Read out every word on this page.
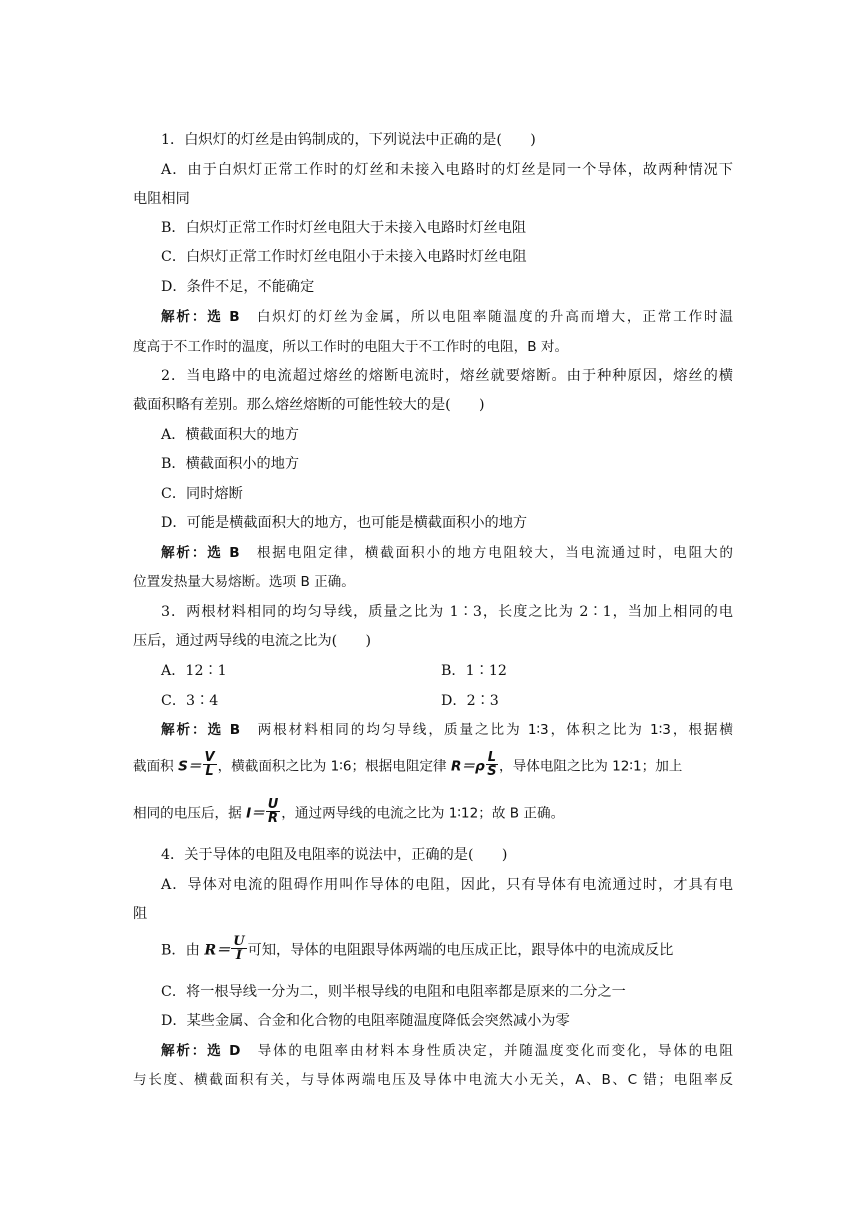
1．白炽灯的灯丝是由钨制成的，下列说法中正确的是(　　)
A．由于白炽灯正常工作时的灯丝和未接入电路时的灯丝是同一个导体，故两种情况下
电阻相同
B．白炽灯正常工作时灯丝电阻大于未接入电路时灯丝电阻
C．白炽灯正常工作时灯丝电阻小于未接入电路时灯丝电阻
D．条件不足，不能确定
解析：选 B　白炽灯的灯丝为金属，所以电阻率随温度的升高而增大，正常工作时温
度高于不工作时的温度，所以工作时的电阻大于不工作时的电阻，B 对。
2．当电路中的电流超过熔丝的熔断电流时，熔丝就要熔断。由于种种原因，熔丝的横
截面积略有差别。那么熔丝熔断的可能性较大的是(　　)
A．横截面积大的地方
B．横截面积小的地方
C．同时熔断
D．可能是横截面积大的地方，也可能是横截面积小的地方
解析：选 B　根据电阻定律，横截面积小的地方电阻较大，当电流通过时，电阻大的
位置发热量大易熔断。选项 B 正确。
3．两根材料相同的均匀导线，质量之比为 1∶3，长度之比为 2∶1，当加上相同的电
压后，通过两导线的电流之比为(　　)
A．12∶1	B．1∶12
C．3∶4	D．2∶3
解析：选 B　两根材料相同的均匀导线，质量之比为 1∶3，体积之比为 1∶3，根据横
截面积 $S= \frac{V}{L}$ ，横截面积之比为 1∶6；根据电阻定律 $R=\rho \frac{L}{S}$ ，导体电阻之比为 12∶1；加上
相同的电压后，据 $I= \frac{U}{R}$ ，通过两导线的电流之比为 1∶12；故 B 正确。
4．关于导体的电阻及电阻率的说法中，正确的是(　　)
A．导体对电流的阻碍作用叫作导体的电阻，因此，只有导体有电流通过时，才具有电
阻
B．由 $R= \frac{U}{I}$ 可知，导体的电阻跟导体两端的电压成正比，跟导体中的电流成反比
C．将一根导线一分为二，则半根导线的电阻和电阻率都是原来的二分之一
D．某些金属、合金和化合物的电阻率随温度降低会突然减小为零
解析：选 D　导体的电阻率由材料本身性质决定，并随温度变化而变化，导体的电阻
与长度、横截面积有关，与导体两端电压及导体中电流大小无关，A、B、C 错；电阻率反
